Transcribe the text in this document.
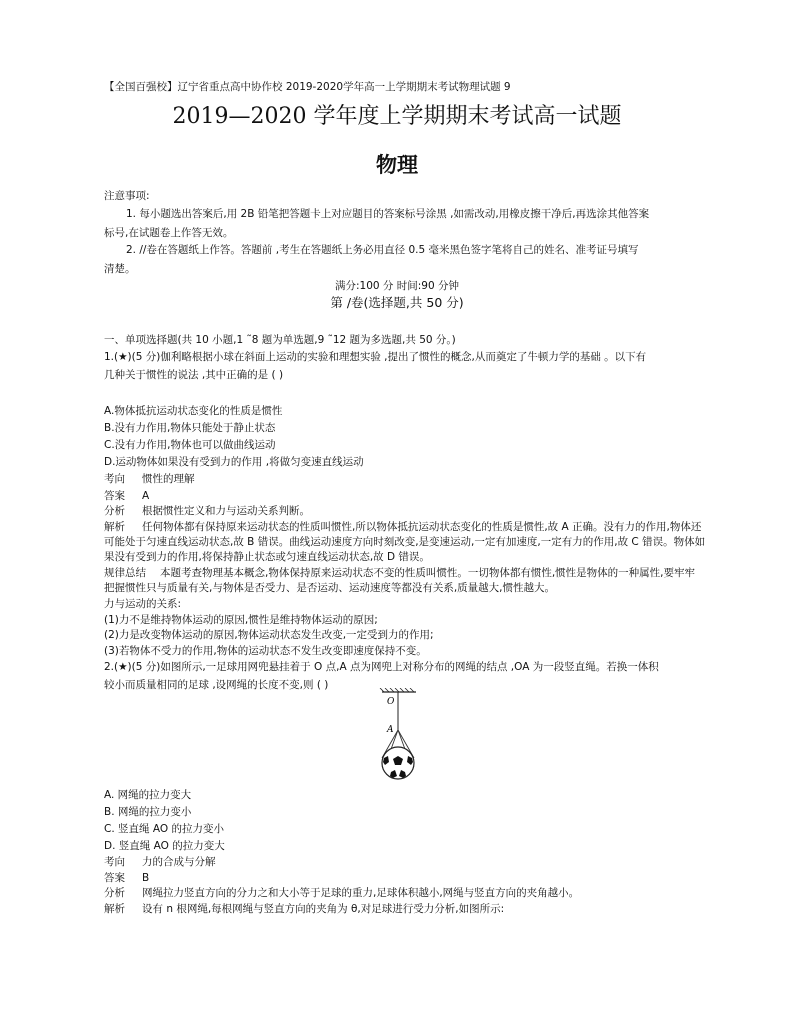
【全国百强校】辽宁省重点高中协作校 2019-2020学年高一上学期期末考试物理试题 9
2019—2020 学年度上学期期末考试高一试题
物理
注意事项:
1. 每小题选出答案后,用 2B 铅笔把答题卡上对应题目的答案标号涂黑 ,如需改动,用橡皮擦干净后,再选涂其他答案
标号,在试题卷上作答无效。
2. //卷在答题纸上作答。答题前 ,考生在答题纸上务必用直径 0.5 毫米黑色签字笔将自己的姓名、准考证号填写
清楚。
满分:100 分 时间:90 分钟
第 /卷(选择题,共 50 分)
一、单项选择题(共 10 小题,1 ˜8 题为单选题,9 ˜12 题为多选题,共 50 分。)
1.(★)(5 分)伽利略根据小球在斜面上运动的实验和理想实验 ,提出了惯性的概念,从而奠定了牛顿力学的基础 。以下有
几种关于惯性的说法 ,其中正确的是 ( )
A.物体抵抗运动状态变化的性质是惯性
B.没有力作用,物体只能处于静止状态
C.没有力作用,物体也可以做曲线运动
D.运动物体如果没有受到力的作用 ,将做匀变速直线运动
考向 惯性的理解
答案 A
分析 根据惯性定义和力与运动关系判断。
解析 任何物体都有保持原来运动状态的性质叫惯性,所以物体抵抗运动状态变化的性质是惯性,故 A 正确。没有力的作用,物体还
可能处于匀速直线运动状态,故 B 错误。曲线运动速度方向时刻改变,是变速运动,一定有加速度,一定有力的作用,故 C 错误。物体如
果没有受到力的作用,将保持静止状态或匀速直线运动状态,故 D 错误。
规律总结 本题考查物理基本概念,物体保持原来运动状态不变的性质叫惯性。一切物体都有惯性,惯性是物体的一种属性,要牢牢
把握惯性只与质量有关,与物体是否受力、是否运动、运动速度等都没有关系,质量越大,惯性越大。
力与运动的关系:
(1)力不是维持物体运动的原因,惯性是维持物体运动的原因;
(2)力是改变物体运动的原因,物体运动状态发生改变,一定受到力的作用;
(3)若物体不受力的作用,物体的运动状态不发生改变即速度保持不变。
2.(★)(5 分)如图所示,一足球用网兜悬挂着于 O 点,A 点为网兜上对称分布的网绳的结点 ,OA 为一段竖直绳。若换一体积
较小而质量相同的足球 ,设网绳的长度不变,则 ( )
O
A
A. 网绳的拉力变大
B. 网绳的拉力变小
C. 竖直绳 AO 的拉力变小
D. 竖直绳 AO 的拉力变大
考向 力的合成与分解
答案 B
分析 网绳拉力竖直方向的分力之和大小等于足球的重力,足球体积越小,网绳与竖直方向的夹角越小。
解析 设有 n 根网绳,每根网绳与竖直方向的夹角为 θ,对足球进行受力分析,如图所示:
